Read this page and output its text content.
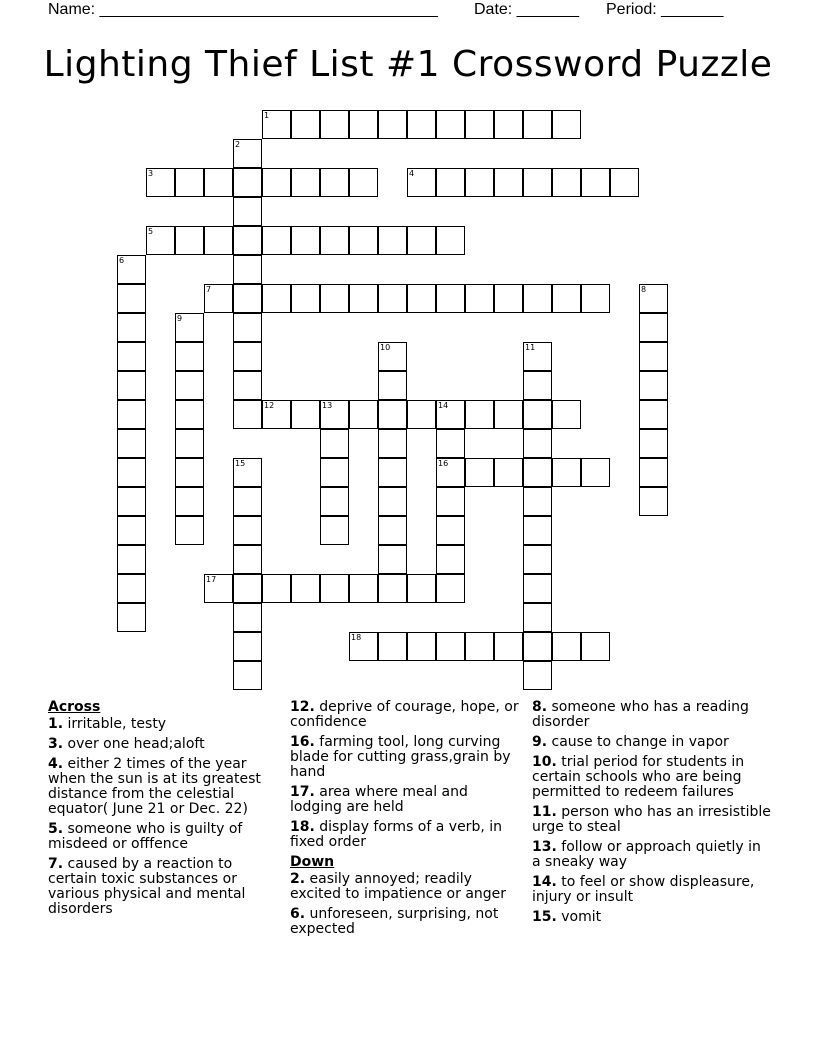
Name: ______________________________________ Date: _______ Period: _______
Lighting Thief List #1 Crossword Puzzle
1
2
3	4
5
6
7	8
9
10	11
12	13	14
16
15
17
18
Across
1. irritable, testy
3. over one head;aloft
4. either 2 times of the year when the sun is at its greatest distance from the celestial equator( June 21 or Dec. 22)
5. someone who is guilty of misdeed or offfence
7. caused by a reaction to certain toxic substances or various physical and mental disorders
12. deprive of courage, hope, or confidence
16. farming tool, long curving blade for cutting grass,grain by hand
17. area where meal and lodging are held
18. display forms of a verb, in fixed order
Down
2. easily annoyed; readily excited to impatience or anger
6. unforeseen, surprising, not expected
8. someone who has a reading disorder
9. cause to change in vapor
10. trial period for students in certain schools who are being permitted to redeem failures
11. person who has an irresistible urge to steal
13. follow or approach quietly in a sneaky way
14. to feel or show displeasure, injury or insult
15. vomit
